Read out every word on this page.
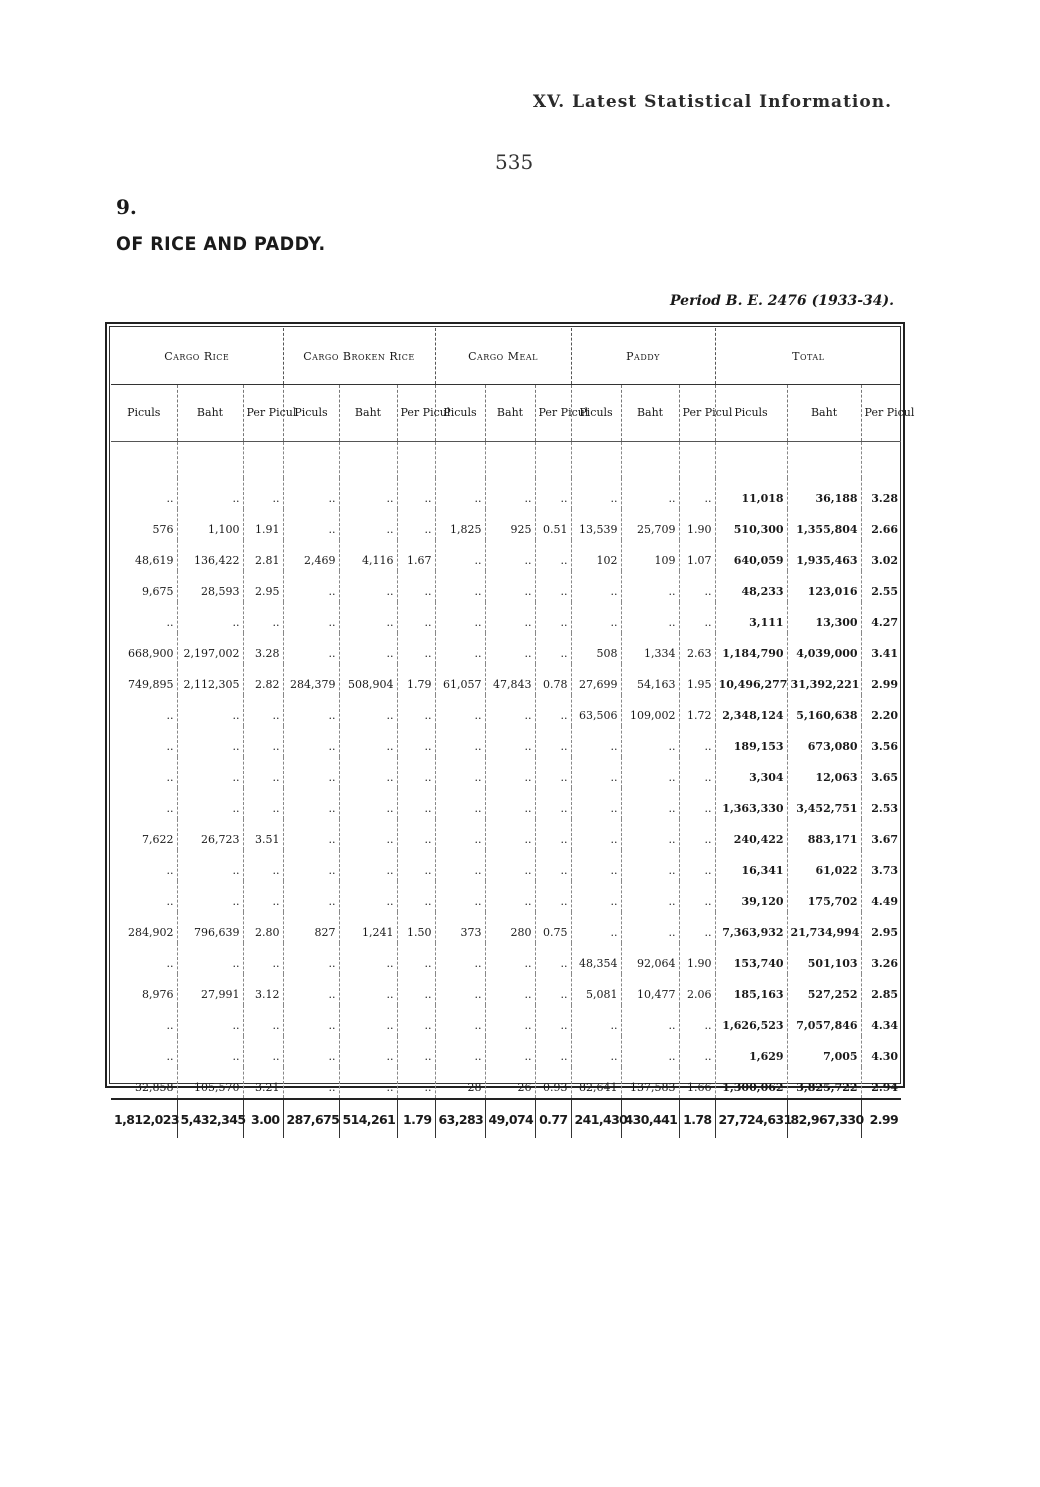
XV. Latest Statistical Information.
535
9.
OF RICE AND PADDY.
Period B. E. 2476 (1933-34).
Cargo Rice			Cargo Broken Rice			Cargo Meal			Paddy			Total		
Piculs	Baht	Per Picul	Piculs	Baht	Per Picul	Piculs	Baht	Per Picul	Piculs	Baht	Per Picul	Piculs	Baht	Per Picul

..	..	..	..	..	..	..	..	..	..	..	..	11,018	36,188	3.28
576	1,100	1.91	..	..	..	1,825	925	0.51	13,539	25,709	1.90	510,300	1,355,804	2.66
48,619	136,422	2.81	2,469	4,116	1.67	..	..	..	102	109	1.07	640,059	1,935,463	3.02
9,675	28,593	2.95	..	..	..	..	..	..	..	..	..	48,233	123,016	2.55
..	..	..	..	..	..	..	..	..	..	..	..	3,111	13,300	4.27
668,900	2,197,002	3.28	..	..	..	..	..	..	508	1,334	2.63	1,184,790	4,039,000	3.41
749,895	2,112,305	2.82	284,379	508,904	1.79	61,057	47,843	0.78	27,699	54,163	1.95	10,496,277	31,392,221	2.99
..	..	..	..	..	..	..	..	..	63,506	109,002	1.72	2,348,124	5,160,638	2.20
..	..	..	..	..	..	..	..	..	..	..	..	189,153	673,080	3.56
..	..	..	..	..	..	..	..	..	..	..	..	3,304	12,063	3.65
..	..	..	..	..	..	..	..	..	..	..	..	1,363,330	3,452,751	2.53
7,622	26,723	3.51	..	..	..	..	..	..	..	..	..	240,422	883,171	3.67
..	..	..	..	..	..	..	..	..	..	..	..	16,341	61,022	3.73
..	..	..	..	..	..	..	..	..	..	..	..	39,120	175,702	4.49
284,902	796,639	2.80	827	1,241	1.50	373	280	0.75	..	..	..	7,363,932	21,734,994	2.95
..	..	..	..	..	..	..	..	..	48,354	92,064	1.90	153,740	501,103	3.26
8,976	27,991	3.12	..	..	..	..	..	..	5,081	10,477	2.06	185,163	527,252	2.85
..	..	..	..	..	..	..	..	..	..	..	..	1,626,523	7,057,846	4.34
..	..	..	..	..	..	..	..	..	..	..	..	1,629	7,005	4.30
32,858	105,570	3.21	..	..	..	28	26	0.93	82,641	137,583	1.66	1,300,062	3,825,722	2.94
1,812,023	5,432,345	3.00	287,675	514,261	1.79	63,283	49,074	0.77	241,430	430,441	1.78	27,724,631	82,967,330	2.99
